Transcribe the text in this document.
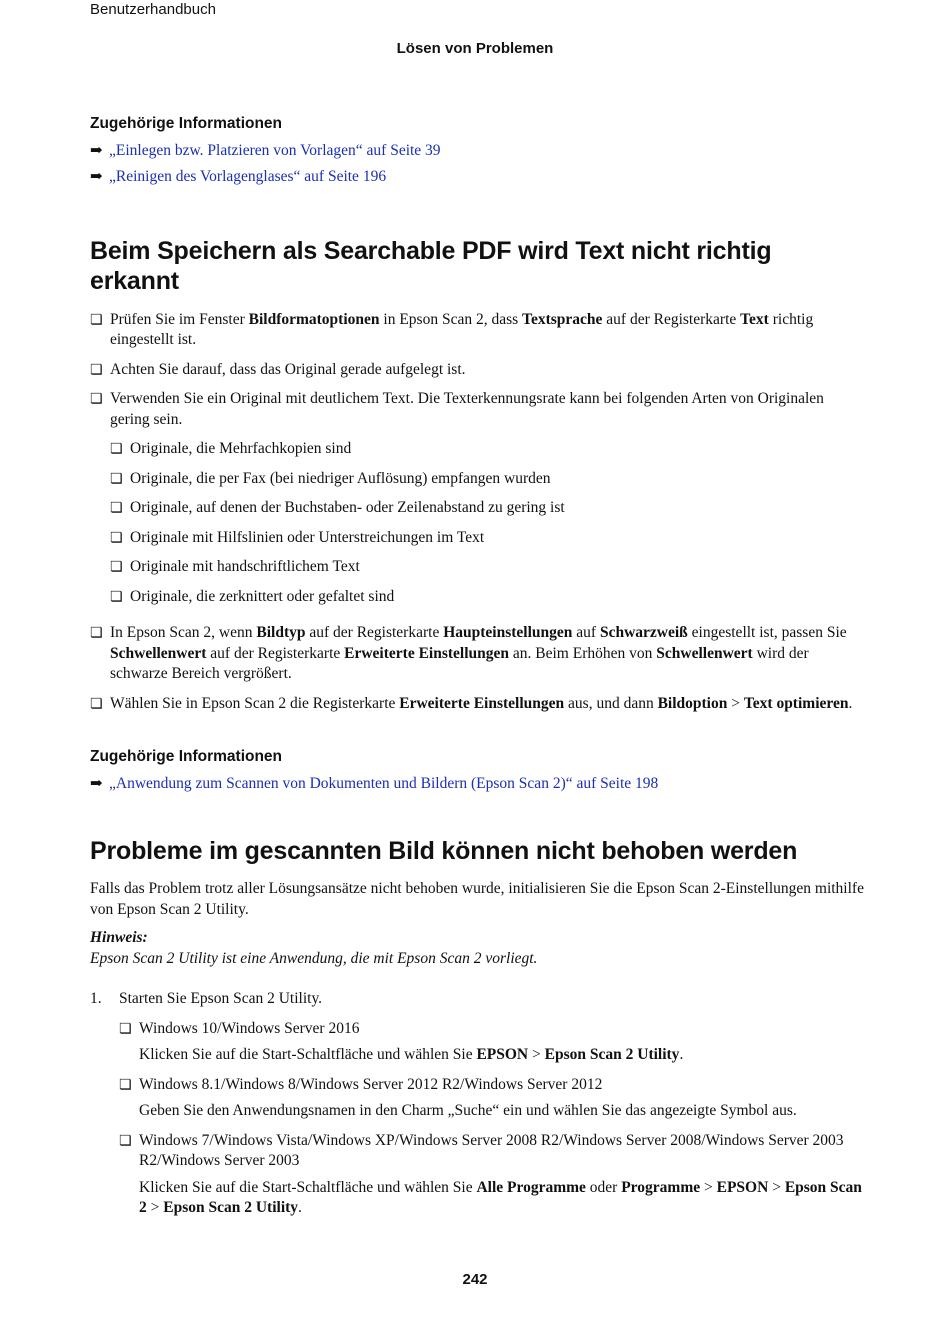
Benutzerhandbuch
Lösen von Problemen
Zugehörige Informationen
➡ „Einlegen bzw. Platzieren von Vorlagen“ auf Seite 39
➡ „Reinigen des Vorlagenglases“ auf Seite 196
Beim Speichern als Searchable PDF wird Text nicht richtig erkannt
❏ Prüfen Sie im Fenster Bildformatoptionen in Epson Scan 2, dass Textsprache auf der Registerkarte Text richtig eingestellt ist.
❏ Achten Sie darauf, dass das Original gerade aufgelegt ist.
❏ Verwenden Sie ein Original mit deutlichem Text. Die Texterkennungsrate kann bei folgenden Arten von Originalen gering sein.
❏ Originale, die Mehrfachkopien sind
❏ Originale, die per Fax (bei niedriger Auflösung) empfangen wurden
❏ Originale, auf denen der Buchstaben- oder Zeilenabstand zu gering ist
❏ Originale mit Hilfslinien oder Unterstreichungen im Text
❏ Originale mit handschriftlichem Text
❏ Originale, die zerknittert oder gefaltet sind
❏ In Epson Scan 2, wenn Bildtyp auf der Registerkarte Haupteinstellungen auf Schwarzweiß eingestellt ist, passen Sie Schwellenwert auf der Registerkarte Erweiterte Einstellungen an. Beim Erhöhen von Schwellenwert wird der schwarze Bereich vergrößert.
❏ Wählen Sie in Epson Scan 2 die Registerkarte Erweiterte Einstellungen aus, und dann Bildoption > Text optimieren.
Zugehörige Informationen
➡ „Anwendung zum Scannen von Dokumenten und Bildern (Epson Scan 2)“ auf Seite 198
Probleme im gescannten Bild können nicht behoben werden
Falls das Problem trotz aller Lösungsansätze nicht behoben wurde, initialisieren Sie die Epson Scan 2-Einstellungen mithilfe von Epson Scan 2 Utility.
Hinweis:
Epson Scan 2 Utility ist eine Anwendung, die mit Epson Scan 2 vorliegt.
1.	Starten Sie Epson Scan 2 Utility.
❏ Windows 10/Windows Server 2016
Klicken Sie auf die Start-Schaltfläche und wählen Sie EPSON > Epson Scan 2 Utility.
❏ Windows 8.1/Windows 8/Windows Server 2012 R2/Windows Server 2012
Geben Sie den Anwendungsnamen in den Charm „Suche“ ein und wählen Sie das angezeigte Symbol aus.
❏ Windows 7/Windows Vista/Windows XP/Windows Server 2008 R2/Windows Server 2008/Windows Server 2003 R2/Windows Server 2003
Klicken Sie auf die Start-Schaltfläche und wählen Sie Alle Programme oder Programme > EPSON > Epson Scan 2 > Epson Scan 2 Utility.
242
